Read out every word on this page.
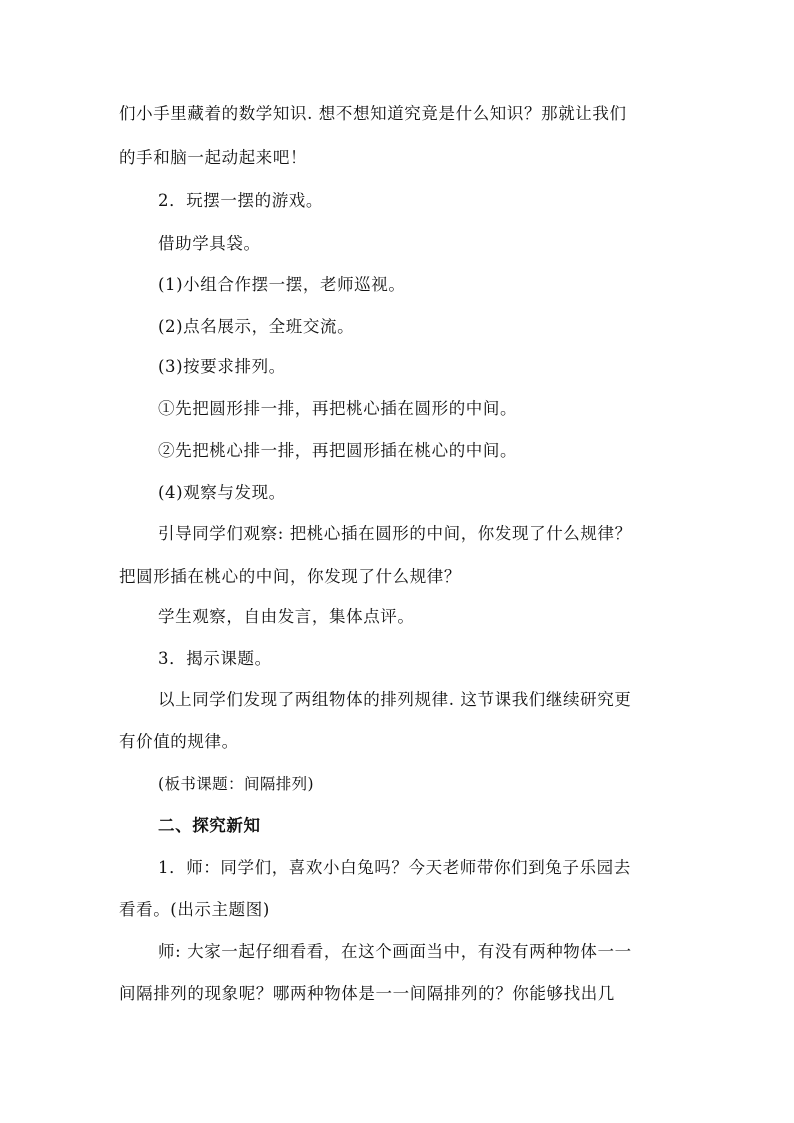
们小手里藏着的数学知识. 想不想知道究竟是什么知识？那就让我们
的手和脑一起动起来吧！
2．玩摆一摆的游戏。
借助学具袋。
(1)小组合作摆一摆，老师巡视。
(2)点名展示，全班交流。
(3)按要求排列。
①先把圆形排一排，再把桃心插在圆形的中间。
②先把桃心排一排，再把圆形插在桃心的中间。
(4)观察与发现。
引导同学们观察: 把桃心插在圆形的中间，你发现了什么规律？
把圆形插在桃心的中间，你发现了什么规律？
学生观察，自由发言，集体点评。
3．揭示课题。
以上同学们发现了两组物体的排列规律. 这节课我们继续研究更
有价值的规律。
(板书课题：间隔排列)
二、探究新知
1．师：同学们，喜欢小白兔吗？今天老师带你们到兔子乐园去
看看。(出示主题图)
师: 大家一起仔细看看，在这个画面当中，有没有两种物体一一
间隔排列的现象呢？哪两种物体是一一间隔排列的？你能够找出几
